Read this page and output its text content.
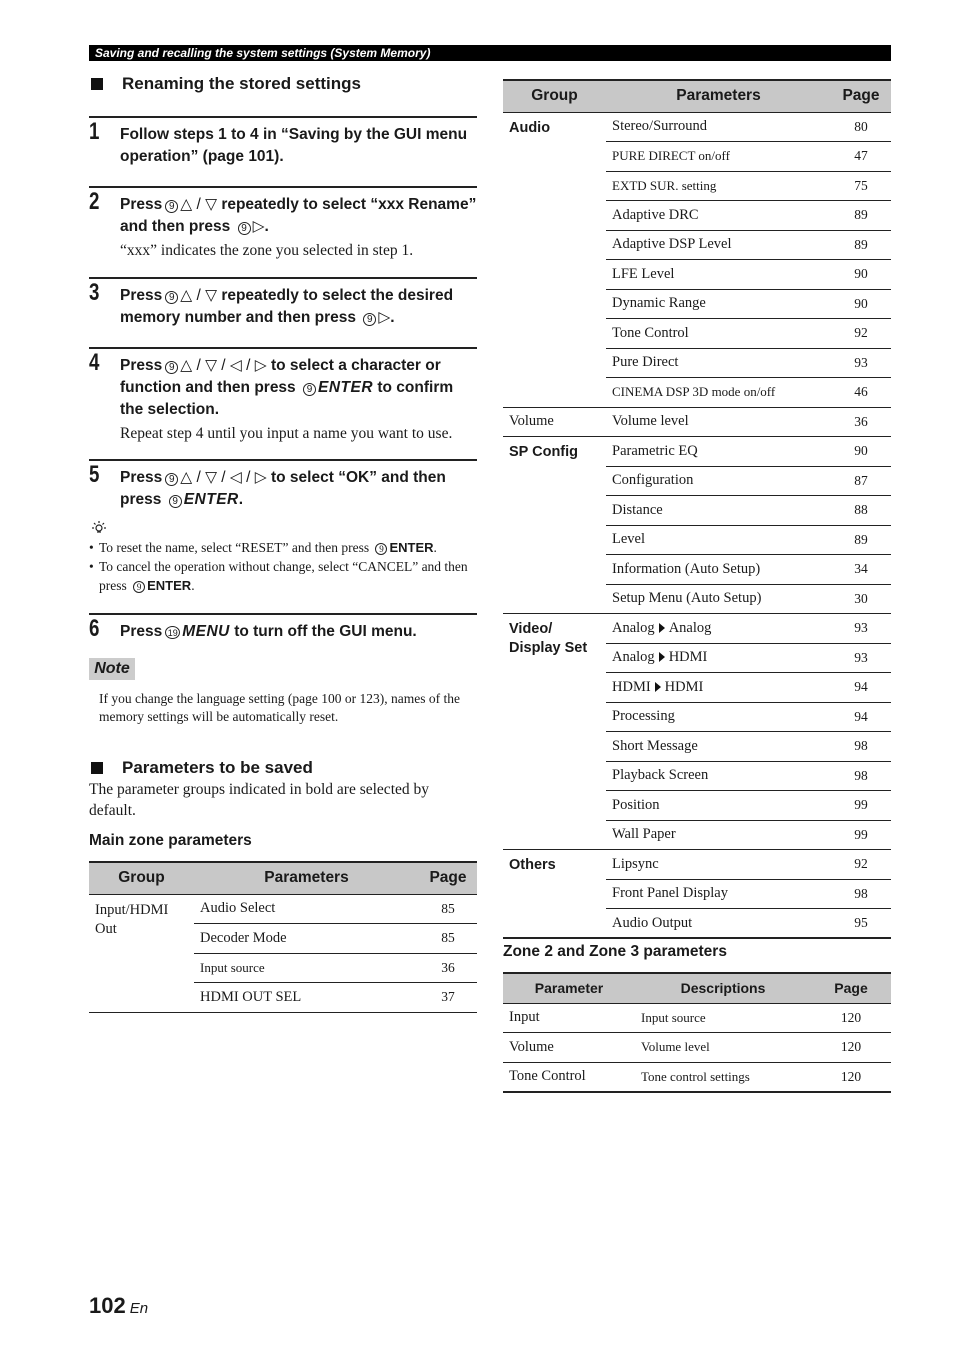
Saving and recalling the system settings (System Memory)
Renaming the stored settings
1 Follow steps 1 to 4 in “Saving by the GUI menu operation” (page 101).
2 Press 9 △ / ▽ repeatedly to select “xxx Rename” and then press 9 ▷.
“xxx” indicates the zone you selected in step 1.
3 Press 9 △ / ▽ repeatedly to select the desired memory number and then press 9 ▷.
4 Press 9 △ / ▽ / ◁ / ▷ to select a character or function and then press 9 ENTER to confirm the selection.
Repeat step 4 until you input a name you want to use.
5 Press 9 △ / ▽ / ◁ / ▷ to select “OK” and then press 9 ENTER.
• To reset the name, select “RESET” and then press 9 ENTER.
• To cancel the operation without change, select “CANCEL” and then press 9 ENTER.
6 Press 19 MENU to turn off the GUI menu.
Note
If you change the language setting (page 100 or 123), names of the memory settings will be automatically reset.
Parameters to be saved
The parameter groups indicated in bold are selected by default.
Main zone parameters
Group	Parameters	Page
Input/HDMI Out	Audio Select	85
	Decoder Mode	85
	Input source	36
	HDMI OUT SEL	37
Group	Parameters	Page
Audio	Stereo/Surround	80
	PURE DIRECT on/off	47
	EXTD SUR. setting	75
	Adaptive DRC	89
	Adaptive DSP Level	89
	LFE Level	90
	Dynamic Range	90
	Tone Control	92
	Pure Direct	93
	CINEMA DSP 3D mode on/off	46
Volume	Volume level	36
SP Config	Parametric EQ	90
	Configuration	87
	Distance	88
	Level	89
	Information (Auto Setup)	34
	Setup Menu (Auto Setup)	30
Video/ Display Set	Analog Analog	93
	Analog HDMI	93
	HDMI HDMI	94
	Processing	94
	Short Message	98
	Playback Screen	98
	Position	99
	Wall Paper	99
Others	Lipsync	92
	Front Panel Display	98
	Audio Output	95
Zone 2 and Zone 3 parameters
Parameter	Descriptions	Page
Input	Input source	120
Volume	Volume level	120
Tone Control	Tone control settings	120
102 En
